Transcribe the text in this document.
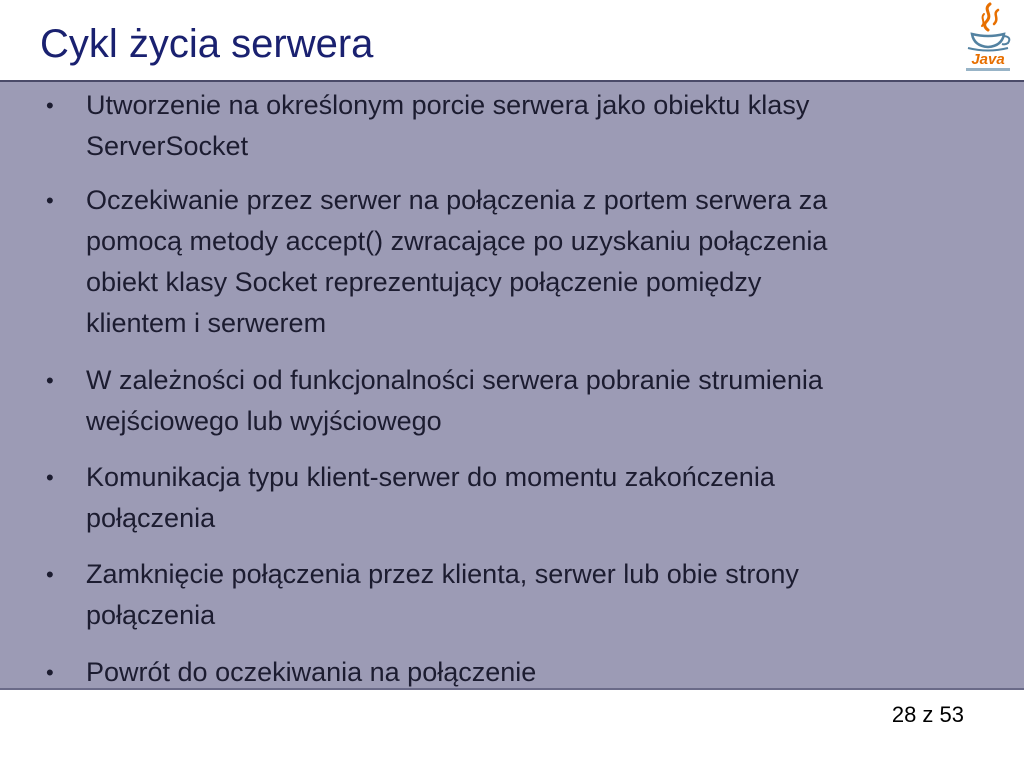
Cykl życia serwera	Java
•	Utworzenie na określonym porcie serwera jako obiektu klasy
ServerSocket
•	Oczekiwanie przez serwer na połączenia z portem serwera za
pomocą metody accept() zwracające po uzyskaniu połączenia
obiekt klasy Socket reprezentujący połączenie pomiędzy
klientem i serwerem
•	W zależności od funkcjonalności serwera pobranie strumienia
wejściowego lub wyjściowego
•	Komunikacja typu klient-serwer do momentu zakończenia
połączenia
•	Zamknięcie połączenia przez klienta, serwer lub obie strony
połączenia
•	Powrót do oczekiwania na połączenie
28 z 53
